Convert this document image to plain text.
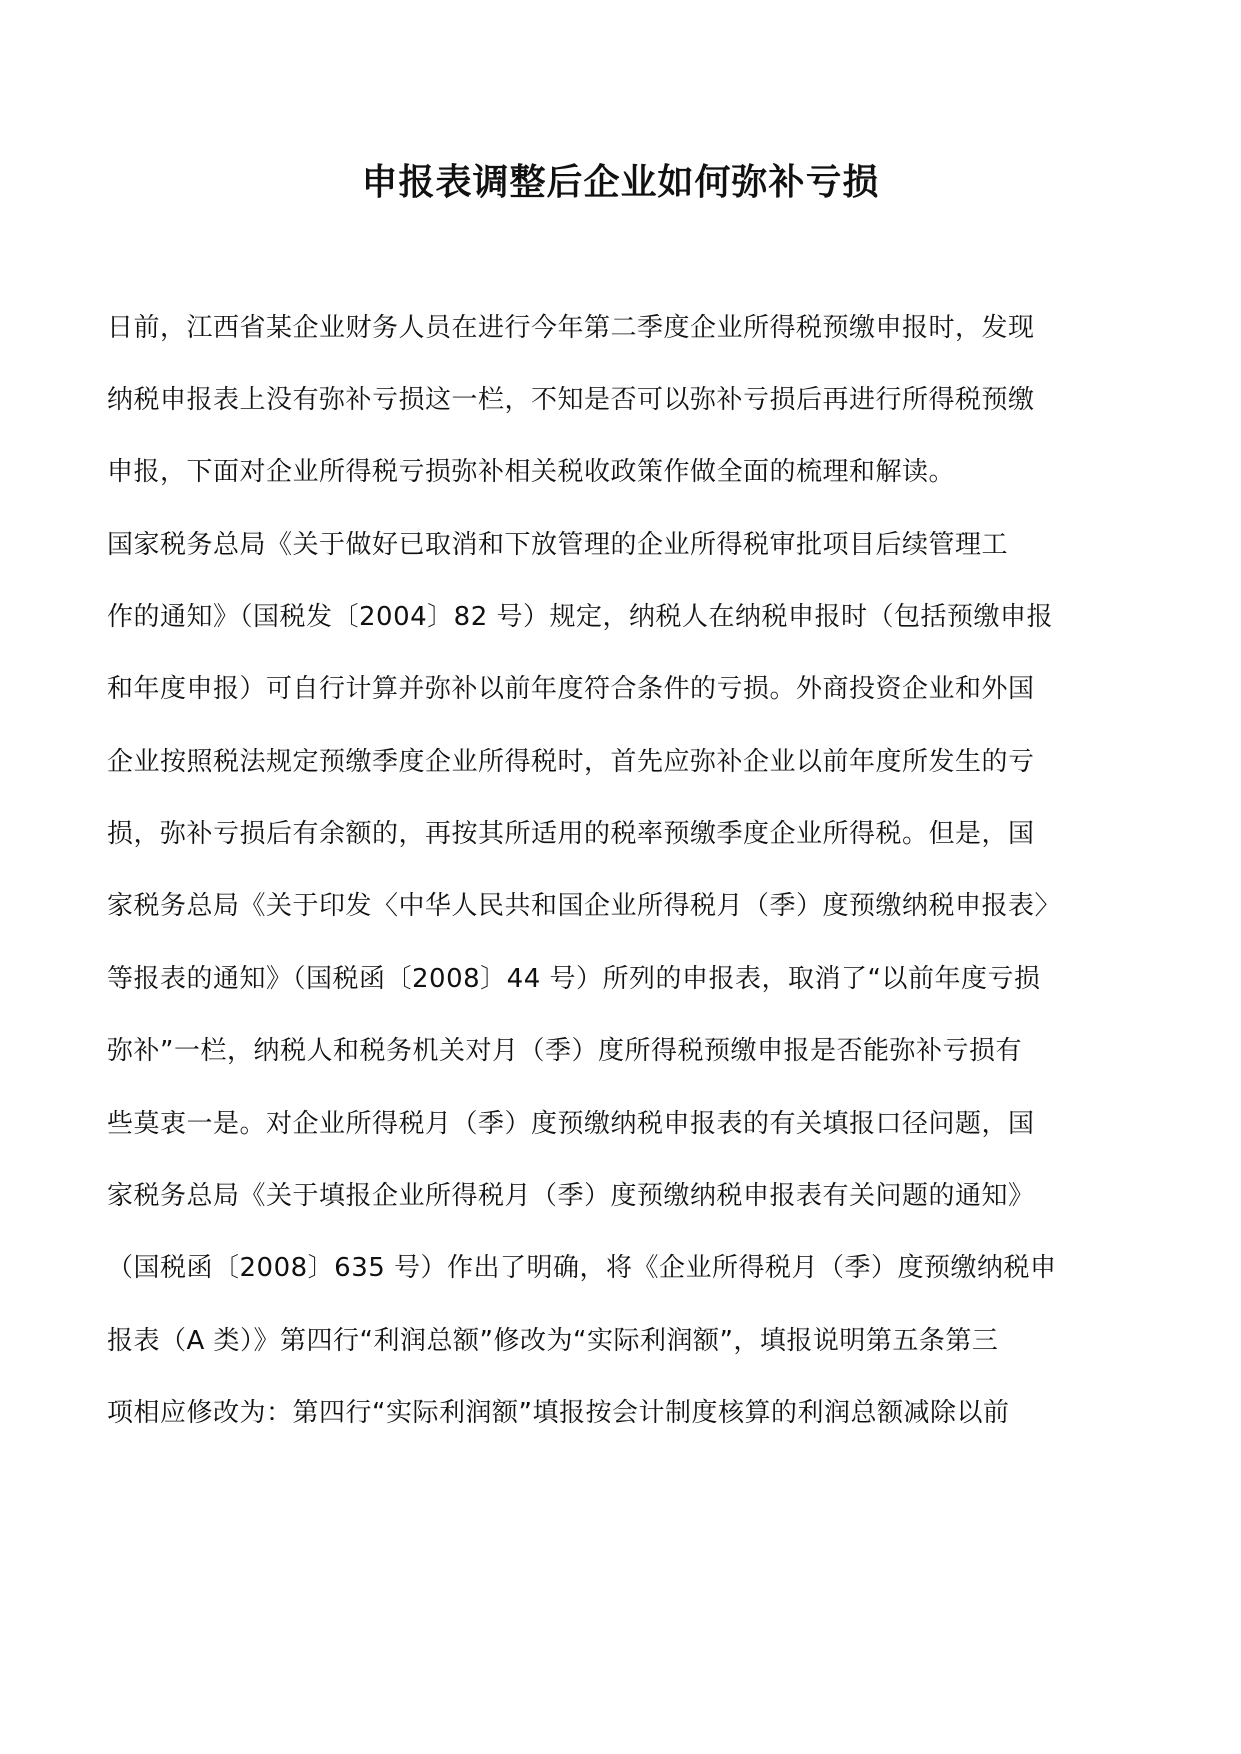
申报表调整后企业如何弥补亏损
日前，江西省某企业财务人员在进行今年第二季度企业所得税预缴申报时，发现
纳税申报表上没有弥补亏损这一栏，不知是否可以弥补亏损后再进行所得税预缴
申报，下面对企业所得税亏损弥补相关税收政策作做全面的梳理和解读。
国家税务总局《关于做好已取消和下放管理的企业所得税审批项目后续管理工
作的通知》（国税发〔2004〕82 号）规定，纳税人在纳税申报时（包括预缴申报
和年度申报）可自行计算并弥补以前年度符合条件的亏损。外商投资企业和外国
企业按照税法规定预缴季度企业所得税时，首先应弥补企业以前年度所发生的亏
损，弥补亏损后有余额的，再按其所适用的税率预缴季度企业所得税。但是，国
家税务总局《关于印发〈中华人民共和国企业所得税月（季）度预缴纳税申报表〉
等报表的通知》（国税函〔2008〕44 号）所列的申报表，取消了“以前年度亏损
弥补”一栏，纳税人和税务机关对月（季）度所得税预缴申报是否能弥补亏损有
些莫衷一是。对企业所得税月（季）度预缴纳税申报表的有关填报口径问题，国
家税务总局《关于填报企业所得税月（季）度预缴纳税申报表有关问题的通知》
（国税函〔2008〕635 号）作出了明确，将《企业所得税月（季）度预缴纳税申
报表（A 类）》第四行“利润总额”修改为“实际利润额”，填报说明第五条第三
项相应修改为：第四行“实际利润额”填报按会计制度核算的利润总额减除以前
